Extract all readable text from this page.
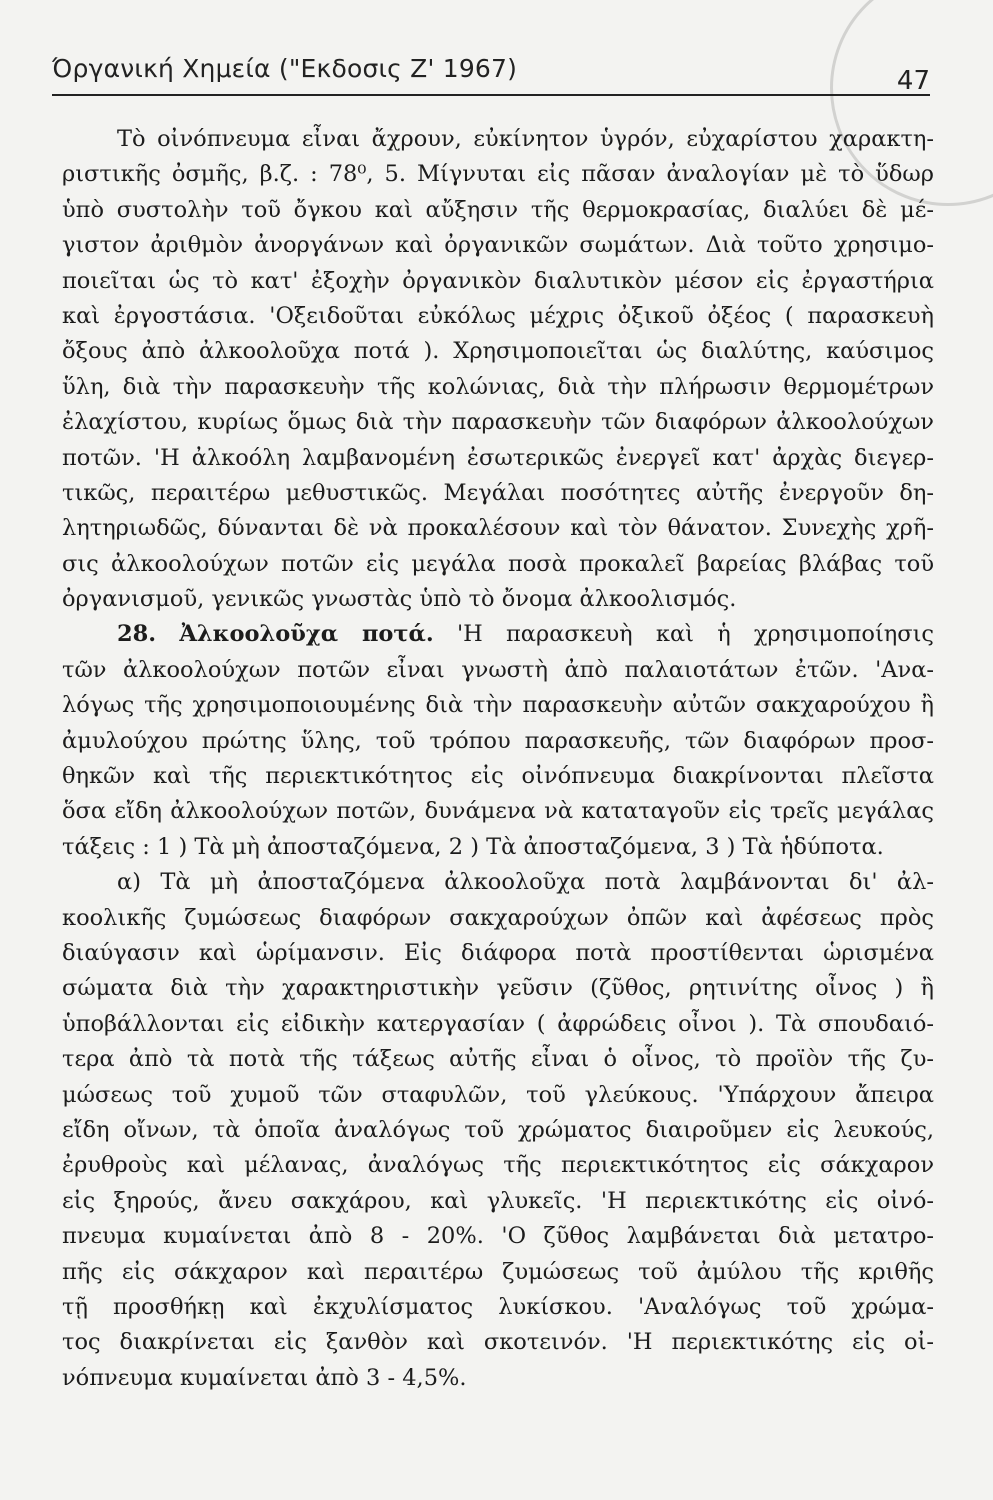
Όργανική Χημεία ("Εκδοσις Ζ' 1967)	47
Τὸ οἰνόπνευμα εἶναι ἄχρουν, εὐκίνητον ὑγρόν, εὐχαρίστου χαρακτη-
ριστικῆς ὀσμῆς, β.ζ. : 78⁰, 5. Μίγνυται εἰς πᾶσαν ἀναλογίαν μὲ τὸ ὕδωρ
ὑπὸ συστολὴν τοῦ ὄγκου καὶ αὔξησιν τῆς θερμοκρασίας, διαλύει δὲ μέ-
γιστον ἀριθμὸν ἀνοργάνων καὶ ὀργανικῶν σωμάτων. Διὰ τοῦτο χρησιμο-
ποιεῖται ὡς τὸ κατ' ἐξοχὴν ὀργανικὸν διαλυτικὸν μέσον εἰς ἐργαστήρια
καὶ ἐργοστάσια. 'Οξειδοῦται εὐκόλως μέχρις ὀξικοῦ ὀξέος ( παρασκευὴ
ὄξους ἀπὸ ἀλκοολοῦχα ποτά ). Χρησιμοποιεῖται ὡς διαλύτης, καύσιμος
ὕλη, διὰ τὴν παρασκευὴν τῆς κολώνιας, διὰ τὴν πλήρωσιν θερμομέτρων
ἐλαχίστου, κυρίως ὅμως διὰ τὴν παρασκευὴν τῶν διαφόρων ἀλκοολούχων
ποτῶν. 'Η ἀλκοόλη λαμβανομένη ἐσωτερικῶς ἐνεργεῖ κατ' ἀρχὰς διεγερ-
τικῶς, περαιτέρω μεθυστικῶς. Μεγάλαι ποσότητες αὐτῆς ἐνεργοῦν δη-
λητηριωδῶς, δύνανται δὲ νὰ προκαλέσουν καὶ τὸν θάνατον. Συνεχὴς χρῆ-
σις ἀλκοολούχων ποτῶν εἰς μεγάλα ποσὰ προκαλεῖ βαρείας βλάβας τοῦ
ὀργανισμοῦ, γενικῶς γνωστὰς ὑπὸ τὸ ὄνομα ἀλκοολισμός.
28. Ἀλκοολοῦχα ποτά. 'Η παρασκευὴ καὶ ἡ χρησιμοποίησις
τῶν ἀλκοολούχων ποτῶν εἶναι γνωστὴ ἀπὸ παλαιοτάτων ἐτῶν. 'Ανα-
λόγως τῆς χρησιμοποιουμένης διὰ τὴν παρασκευὴν αὐτῶν σακχαρούχου ἢ
ἀμυλούχου πρώτης ὕλης, τοῦ τρόπου παρασκευῆς, τῶν διαφόρων προσ-
θηκῶν καὶ τῆς περιεκτικότητος εἰς οἰνόπνευμα διακρίνονται πλεῖστα
ὅσα εἴδη ἀλκοολούχων ποτῶν, δυνάμενα νὰ καταταγοῦν εἰς τρεῖς μεγάλας
τάξεις : 1 ) Τὰ μὴ ἀποσταζόμενα, 2 ) Τὰ ἀποσταζόμενα, 3 ) Τὰ ἡδύποτα.
α) Τὰ μὴ ἀποσταζόμενα ἀλκοολοῦχα ποτὰ λαμβάνονται δι' ἀλ-
κοολικῆς ζυμώσεως διαφόρων σακχαρούχων ὀπῶν καὶ ἀφέσεως πρὸς
διαύγασιν καὶ ὡρίμανσιν. Εἰς διάφορα ποτὰ προστίθενται ὡρισμένα
σώματα διὰ τὴν χαρακτηριστικὴν γεῦσιν (ζῦθος, ρητινίτης οἶνος ) ἢ
ὑποβάλλονται εἰς εἰδικὴν κατεργασίαν ( ἀφρώδεις οἶνοι ). Τὰ σπουδαιό-
τερα ἀπὸ τὰ ποτὰ τῆς τάξεως αὐτῆς εἶναι ὁ οἶνος, τὸ προϊὸν τῆς ζυ-
μώσεως τοῦ χυμοῦ τῶν σταφυλῶν, τοῦ γλεύκους. 'Υπάρχουν ἄπειρα
εἴδη οἴνων, τὰ ὁποῖα ἀναλόγως τοῦ χρώματος διαιροῦμεν εἰς λευκούς,
ἐρυθροὺς καὶ μέλανας, ἀναλόγως τῆς περιεκτικότητος εἰς σάκχαρον
εἰς ξηρούς, ἄνευ σακχάρου, καὶ γλυκεῖς. 'Η περιεκτικότης εἰς οἰνό-
πνευμα κυμαίνεται ἀπὸ 8 - 20%. 'Ο ζῦθος λαμβάνεται διὰ μετατρο-
πῆς εἰς σάκχαρον καὶ περαιτέρω ζυμώσεως τοῦ ἀμύλου τῆς κριθῆς
τῇ προσθήκῃ καὶ ἐκχυλίσματος λυκίσκου. 'Αναλόγως τοῦ χρώμα-
τος διακρίνεται εἰς ξανθὸν καὶ σκοτεινόν. 'Η περιεκτικότης εἰς οἰ-
νόπνευμα κυμαίνεται ἀπὸ 3 - 4,5%.
